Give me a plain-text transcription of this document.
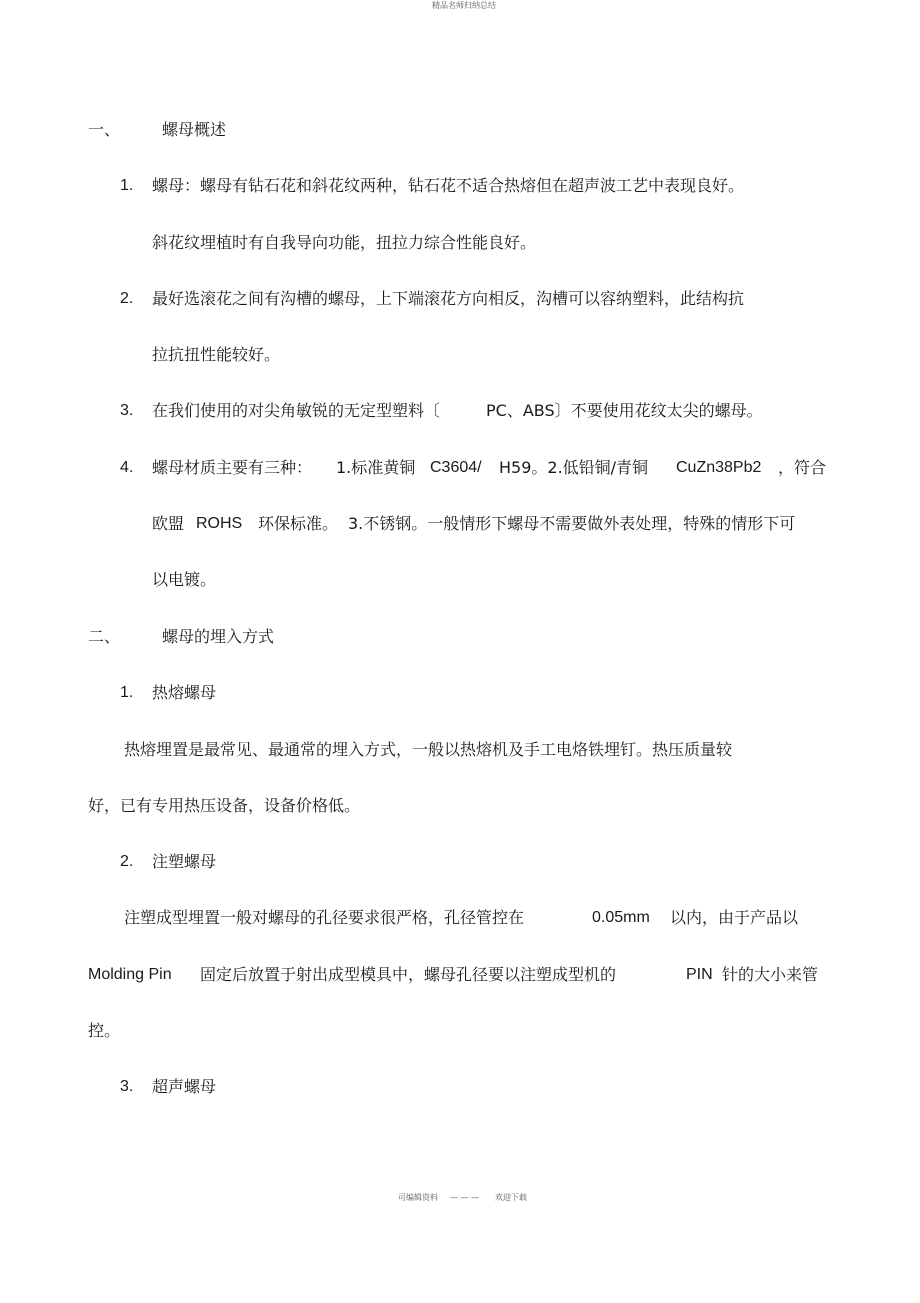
精品名师归纳总结
一、	螺母概述
1. 螺母：螺母有钻石花和斜花纹两种，钻石花不适合热熔但在超声波工艺中表现良好。
斜花纹埋植时有自我导向功能，扭拉力综合性能良好。
2. 最好选滚花之间有沟槽的螺母，上下端滚花方向相反，沟槽可以容纳塑料，此结构抗
拉抗扭性能较好。
3. 在我们使用的对尖角敏锐的无定型塑料〔	PC、ABS〕不要使用花纹太尖的螺母。
4. 螺母材质主要有三种： 1.标准黄铜 C3604/ H59。2.低铅铜/青铜 CuZn38Pb2 ，符合
欧盟 ROHS 环保标准。 3.不锈钢。一般情形下螺母不需要做外表处理，特殊的情形下可
以电镀。
二、	螺母的埋入方式
1. 热熔螺母
热熔埋置是最常见、最通常的埋入方式，一般以热熔机及手工电烙铁埋钉。热压质量较
好，已有专用热压设备，设备价格低。
2. 注塑螺母
注塑成型埋置一般对螺母的孔径要求很严格，孔径管控在	0.05mm 以内，由于产品以
Molding Pin 固定后放置于射出成型模具中，螺母孔径要以注塑成型机的	PIN 针的大小来管
控。
3. 超声螺母
可编辑资料 — — — 欢迎下载
